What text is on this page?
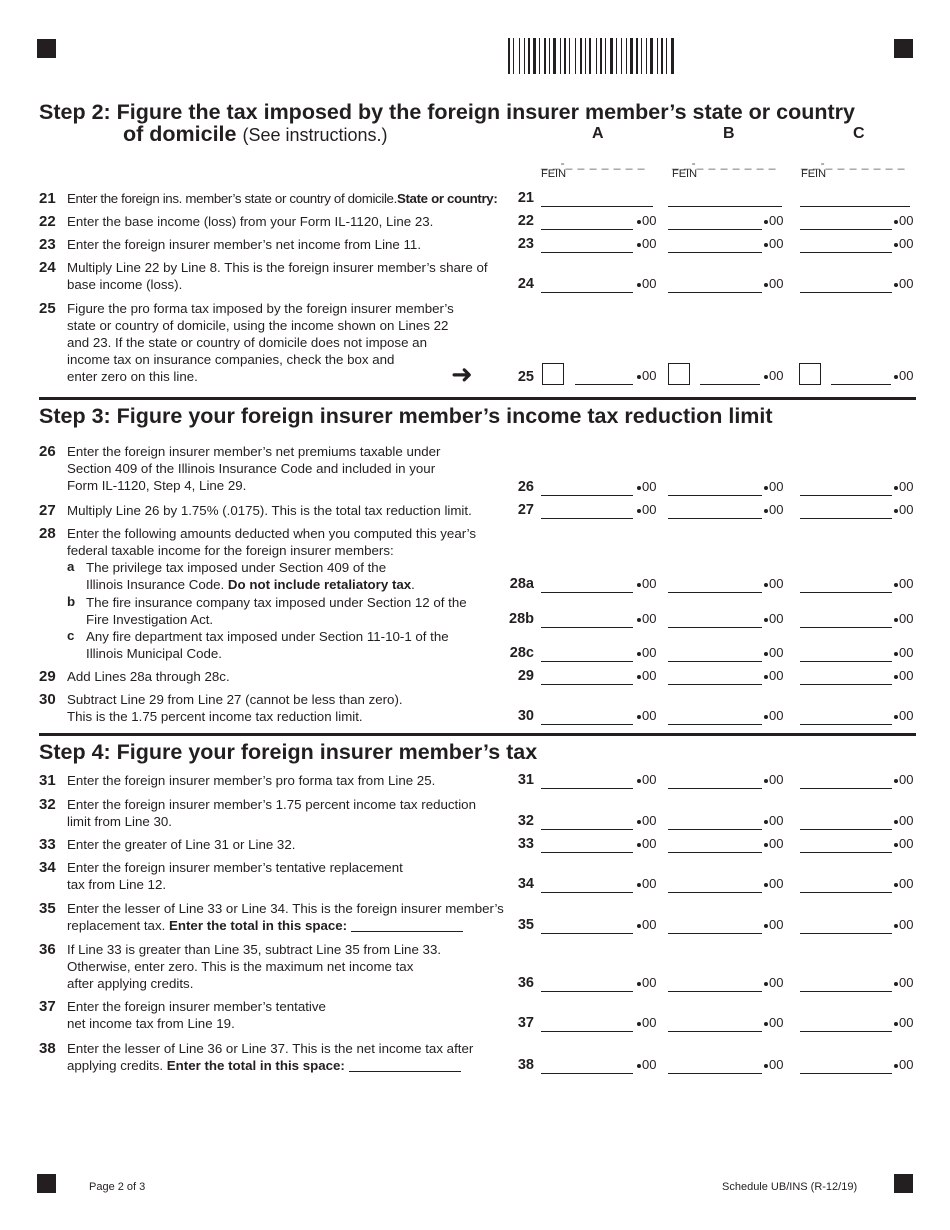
Step 2: Figure the tax imposed by the foreign insurer member’s state or country
of domicile (See instructions.)	A	B	C
_ _-_ _ _ _ _ _ _
FEIN
_ _-_ _ _ _ _ _ _
FEIN
_ _-_ _ _ _ _ _ _
FEIN
21 Enter the foreign ins. member’s state or country of domicile.State or country:	21
22 Enter the base income (loss) from your Form IL-1120, Line 23.	22	00	00	00
23 Enter the foreign insurer member’s net income from Line 11.	23	00	00	00
24 Multiply Line 22 by Line 8. This is the foreign insurer member’s share of
base income (loss).	24	00	00	00
25 Figure the pro forma tax imposed by the foreign insurer member’s
state or country of domicile, using the income shown on Lines 22
and 23. If the state or country of domicile does not impose an
income tax on insurance companies, check the box and
enter zero on this line.	➜	25	00	00	00
Step 3: Figure your foreign insurer member’s income tax reduction limit
26 Enter the foreign insurer member’s net premiums taxable under
Section 409 of the Illinois Insurance Code and included in your
Form IL-1120, Step 4, Line 29.	26	00	00	00
27 Multiply Line 26 by 1.75% (.0175). This is the total tax reduction limit.	27	00	00	00
28 Enter the following amounts deducted when you computed this year’s
federal taxable income for the foreign insurer members:
a The privilege tax imposed under Section 409 of the
Illinois Insurance Code. Do not include retaliatory tax.	28a	00	00	00
b The fire insurance company tax imposed under Section 12 of the
Fire Investigation Act.	28b	00	00	00
c Any fire department tax imposed under Section 11-10-1 of the
Illinois Municipal Code.	28c	00	00	00
29 Add Lines 28a through 28c.	29	00	00	00
30 Subtract Line 29 from Line 27 (cannot be less than zero).
This is the 1.75 percent income tax reduction limit.	30	00	00	00
Step 4: Figure your foreign insurer member’s tax
31 Enter the foreign insurer member’s pro forma tax from Line 25.	31	00	00	00
32 Enter the foreign insurer member’s 1.75 percent income tax reduction
limit from Line 30.	32	00	00	00
33 Enter the greater of Line 31 or Line 32.	33	00	00	00
34 Enter the foreign insurer member’s tentative replacement
tax from Line 12.	34	00	00	00
35 Enter the lesser of Line 33 or Line 34. This is the foreign insurer member’s
replacement tax. Enter the total in this space:	35	00	00	00
36 If Line 33 is greater than Line 35, subtract Line 35 from Line 33.
Otherwise, enter zero. This is the maximum net income tax
after applying credits.	36	00	00	00
37 Enter the foreign insurer member’s tentative
net income tax from Line 19.	37	00	00	00
38 Enter the lesser of Line 36 or Line 37. This is the net income tax after
applying credits. Enter the total in this space:	38	00	00	00
Page 2 of 3	Schedule UB/INS (R-12/19)
